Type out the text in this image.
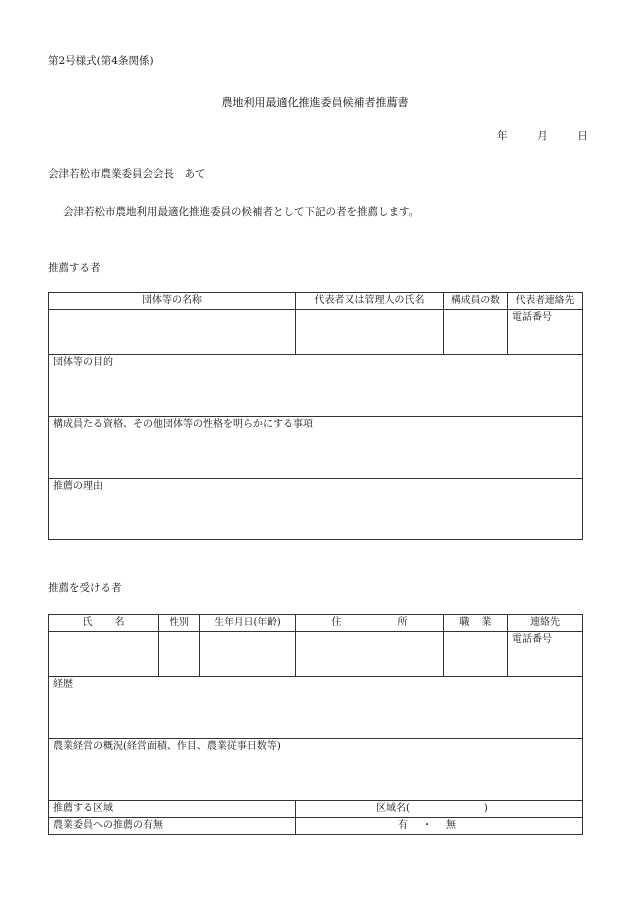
第2号様式(第4条関係)
農地利用最適化推進委員候補者推薦書
年	月	日
会津若松市農業委員会会長　あて
会津若松市農地利用最適化推進委員の候補者として下記の者を推薦します。
推薦する者
団体等の名称	代表者又は管理人の氏名	構成員の数	代表者連絡先
			電話番号
団体等の目的			
構成員たる資格、その他団体等の性格を明らかにする事項			
推薦の理由			
推薦を受ける者
氏 名	性別	生年月日(年齢)	住 所	職 業	連絡先
					電話番号
経歴					
農業経営の概況(経営面積、作目、農業従事日数等)					
推薦する区域			区域名( )		
農業委員への推薦の有無			有 ・ 無		
